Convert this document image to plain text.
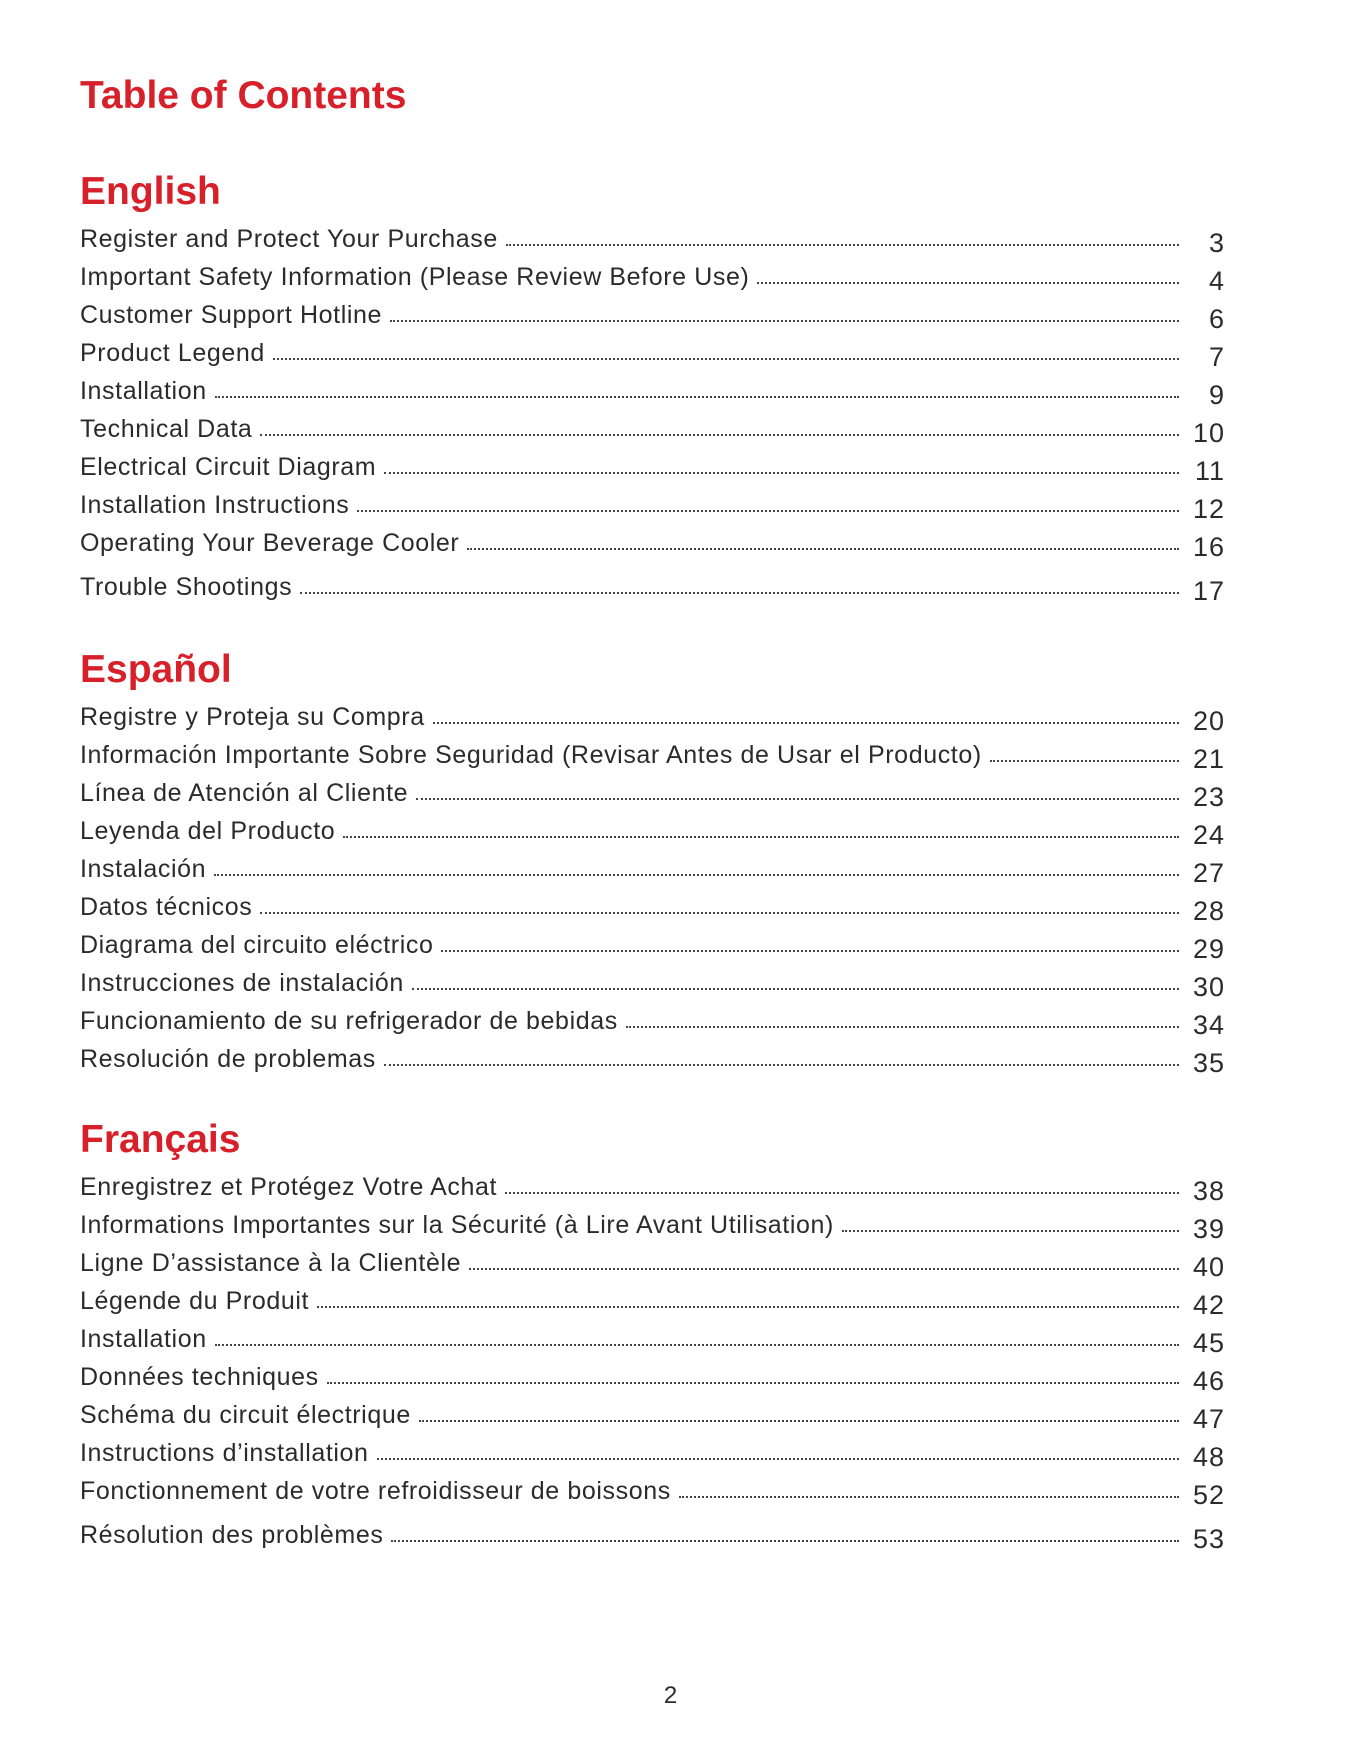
Table of Contents
English
Register and Protect Your Purchase	3
Important Safety Information (Please Review Before Use)	4
Customer Support Hotline	6
Product Legend	7
Installation	9
Technical Data	10
Electrical Circuit Diagram	11
Installation Instructions	12
Operating Your Beverage Cooler	16
Trouble Shootings	17
Español
Registre y Proteja su Compra	20
Información Importante Sobre Seguridad (Revisar Antes de Usar el Producto)	21
Línea de Atención al Cliente	23
Leyenda del Producto	24
Instalación	27
Datos técnicos	28
Diagrama del circuito eléctrico	29
Instrucciones de instalación	30
Funcionamiento de su refrigerador de bebidas	34
Resolución de problemas	35
Français
Enregistrez et Protégez Votre Achat	38
Informations Importantes sur la Sécurité (à Lire Avant Utilisation)	39
Ligne D’assistance à la Clientèle	40
Légende du Produit	42
Installation	45
Données techniques	46
Schéma du circuit électrique	47
Instructions d’installation	48
Fonctionnement de votre refroidisseur de boissons	52
Résolution des problèmes	53
2
